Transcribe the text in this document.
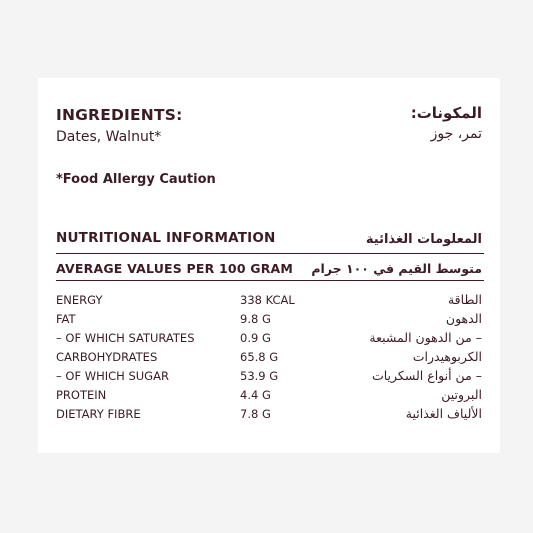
INGREDIENTS:	المكونات:
Dates, Walnut*	تمر، جوز
*Food Allergy Caution
NUTRITIONAL INFORMATION	المعلومات الغذائية
AVERAGE VALUES PER 100 GRAM متوسط القيم في ١٠٠ جرام
ENERGY	338 KCAL	الطاقة
FAT	9.8 G	الدهون
– OF WHICH SATURATES	0.9 G	– من الدهون المشبعة
CARBOHYDRATES	65.8 G	الكربوهيدرات
– OF WHICH SUGAR	53.9 G	– من أنواع السكريات
PROTEIN	4.4 G	البروتين
DIETARY FIBRE	7.8 G	الألياف الغذائية
